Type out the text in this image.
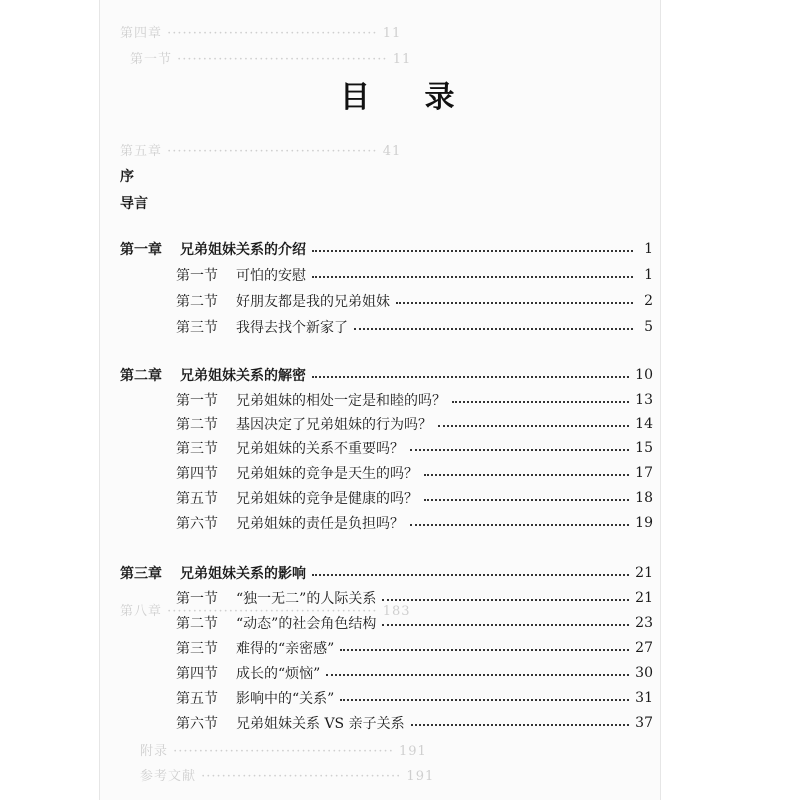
第四章 ········································· 11
第一节 ········································· 11
第五章 ········································· 41
第八章 ········································· 183
附录 ··········································· 191
参考文献 ······································· 191
目 录
序
导言
第一章	兄弟姐妹关系的介绍	1
第一节	可怕的安慰	1
第二节	好朋友都是我的兄弟姐妹	2
第三节	我得去找个新家了	5
第二章	兄弟姐妹关系的解密	10
第一节	兄弟姐妹的相处一定是和睦的吗？	13
第二节	基因决定了兄弟姐妹的行为吗？	14
第三节	兄弟姐妹的关系不重要吗？	15
第四节	兄弟姐妹的竞争是天生的吗？	17
第五节	兄弟姐妹的竞争是健康的吗？	18
第六节	兄弟姐妹的责任是负担吗？	19
第三章	兄弟姐妹关系的影响	21
第一节	“独一无二”的人际关系	21
第二节	“动态”的社会角色结构	23
第三节	难得的“亲密感”	27
第四节	成长的“烦恼”	30
第五节	影响中的“关系”	31
第六节	兄弟姐妹关系 VS 亲子关系	37
